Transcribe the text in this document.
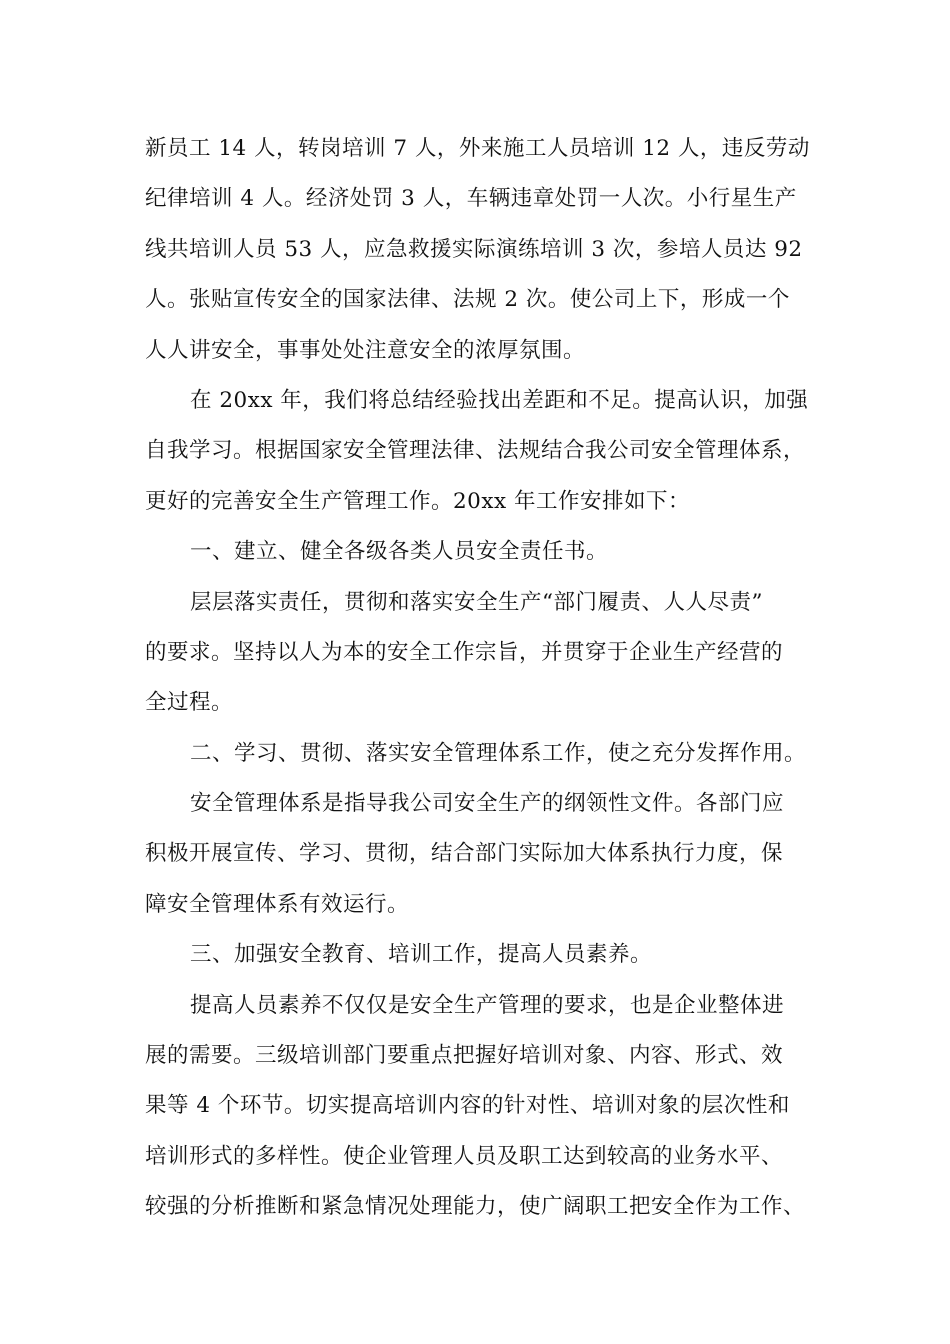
新员工 14 人，转岗培训 7 人，外来施工人员培训 12 人，违反劳动
纪律培训 4 人。经济处罚 3 人，车辆违章处罚一人次。小行星生产
线共培训人员 53 人，应急救援实际演练培训 3 次，参培人员达 92
人。张贴宣传安全的国家法律、法规 2 次。使公司上下，形成一个
人人讲安全，事事处处注意安全的浓厚氛围。
在 20xx 年，我们将总结经验找出差距和不足。提高认识，加强
自我学习。根据国家安全管理法律、法规结合我公司安全管理体系，
更好的完善安全生产管理工作。20xx 年工作安排如下：
一、建立、健全各级各类人员安全责任书。
层层落实责任，贯彻和落实安全生产“部门履责、人人尽责”
的要求。坚持以人为本的安全工作宗旨，并贯穿于企业生产经营的
全过程。
二、学习、贯彻、落实安全管理体系工作，使之充分发挥作用。
安全管理体系是指导我公司安全生产的纲领性文件。各部门应
积极开展宣传、学习、贯彻，结合部门实际加大体系执行力度，保
障安全管理体系有效运行。
三、加强安全教育、培训工作，提高人员素养。
提高人员素养不仅仅是安全生产管理的要求，也是企业整体进
展的需要。三级培训部门要重点把握好培训对象、内容、形式、效
果等 4 个环节。切实提高培训内容的针对性、培训对象的层次性和
培训形式的多样性。使企业管理人员及职工达到较高的业务水平、
较强的分析推断和紧急情况处理能力，使广阔职工把安全作为工作、
